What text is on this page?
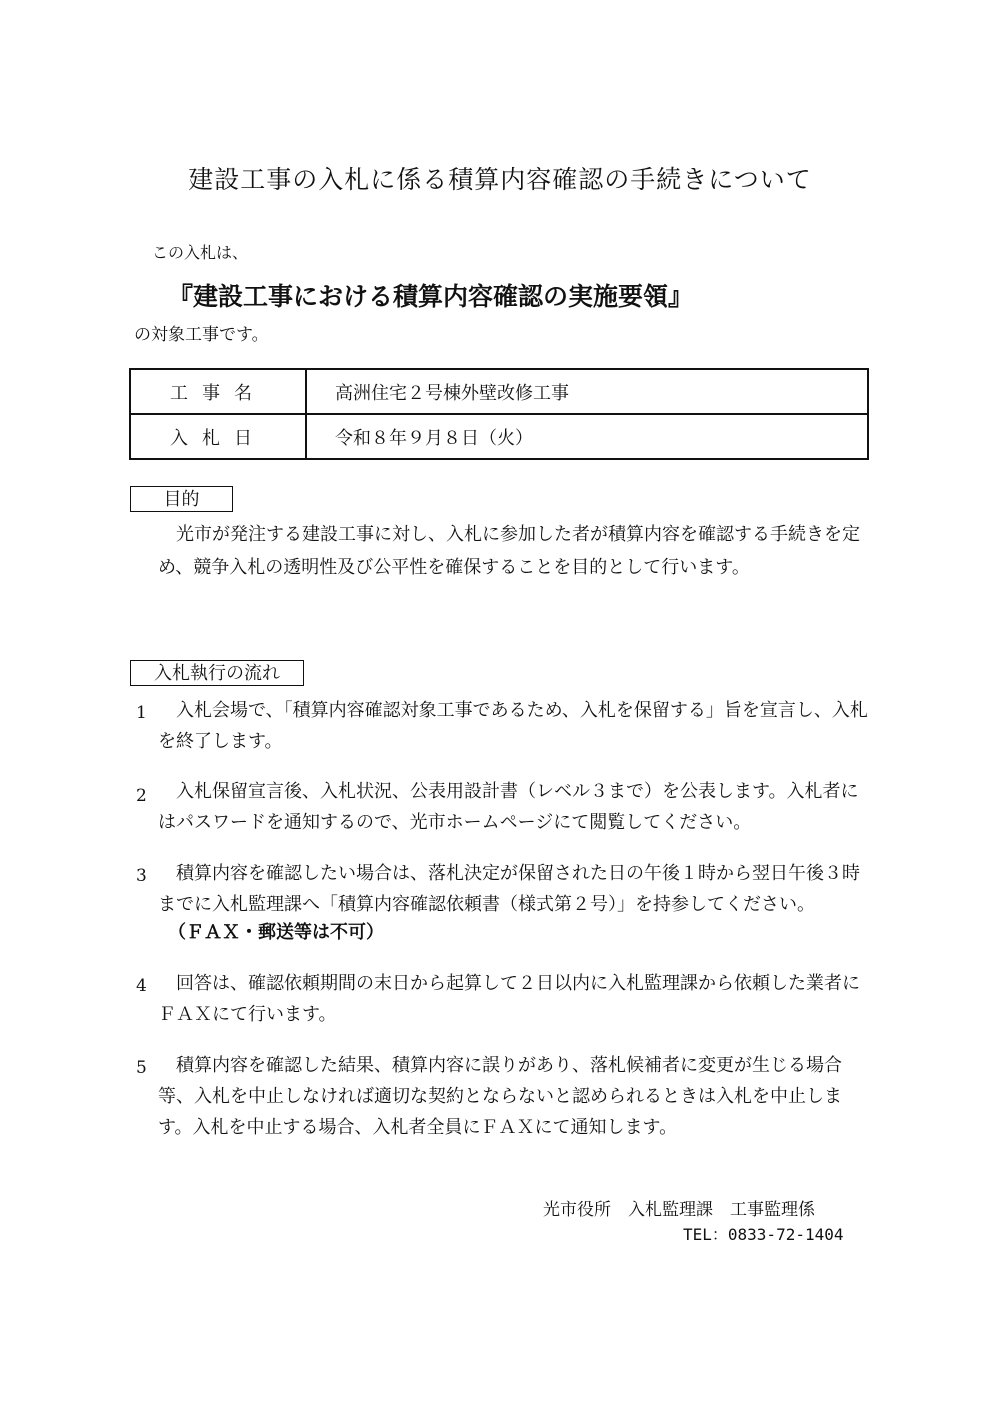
建設工事の入札に係る積算内容確認の手続きについて
この入札は、
『建設工事における積算内容確認の実施要領』
の対象工事です。
工事名	高洲住宅２号棟外壁改修工事
入札日	令和８年９月８日（火）
目的
光市が発注する建設工事に対し、入札に参加した者が積算内容を確認する手続きを定め、競争入札の透明性及び公平性を確保することを目的として行います。
入札執行の流れ
1	入札会場で、「積算内容確認対象工事であるため、入札を保留する」旨を宣言し、入札を終了します。
2	入札保留宣言後、入札状況、公表用設計書（レベル３まで）を公表します。入札者にはパスワードを通知するので、光市ホームページにて閲覧してください。
3	積算内容を確認したい場合は、落札決定が保留された日の午後１時から翌日午後３時までに入札監理課へ「積算内容確認依頼書（様式第２号）」を持参してください。
（ＦＡＸ・郵送等は不可）
4	回答は、確認依頼期間の末日から起算して２日以内に入札監理課から依頼した業者にＦＡＸにて行います。
5	積算内容を確認した結果、積算内容に誤りがあり、落札候補者に変更が生じる場合等、入札を中止しなければ適切な契約とならないと認められるときは入札を中止します。入札を中止する場合、入札者全員にＦＡＸにて通知します。
光市役所　入札監理課　工事監理係
TEL：0833-72-1404
